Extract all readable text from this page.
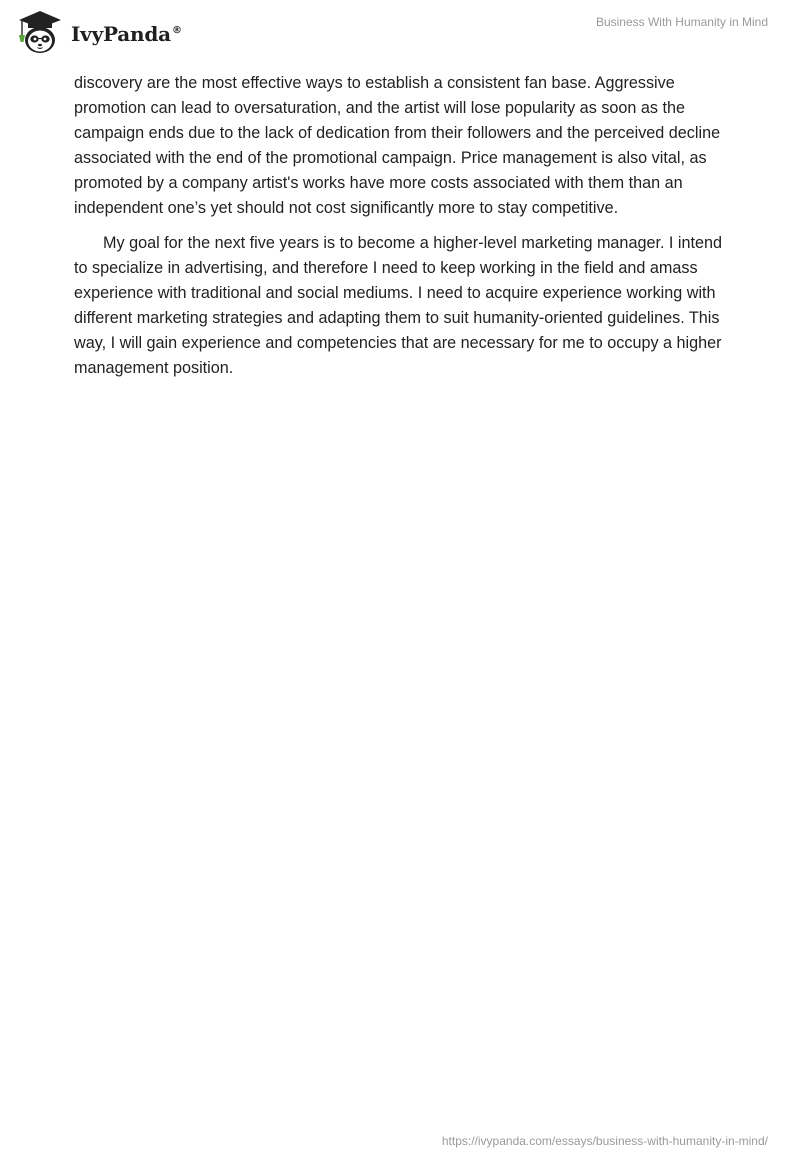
IvyPanda®
Business With Humanity in Mind

discovery are the most effective ways to establish a consistent fan base. Aggressive promotion can lead to oversaturation, and the artist will lose popularity as soon as the campaign ends due to the lack of dedication from their followers and the perceived decline associated with the end of the promotional campaign. Price management is also vital, as promoted by a company artist's works have more costs associated with them than an independent one’s yet should not cost significantly more to stay competitive.

My goal for the next five years is to become a higher-level marketing manager. I intend to specialize in advertising, and therefore I need to keep working in the field and amass experience with traditional and social mediums. I need to acquire experience working with different marketing strategies and adapting them to suit humanity-oriented guidelines. This way, I will gain experience and competencies that are necessary for me to occupy a higher management position.

https://ivypanda.com/essays/business-with-humanity-in-mind/
